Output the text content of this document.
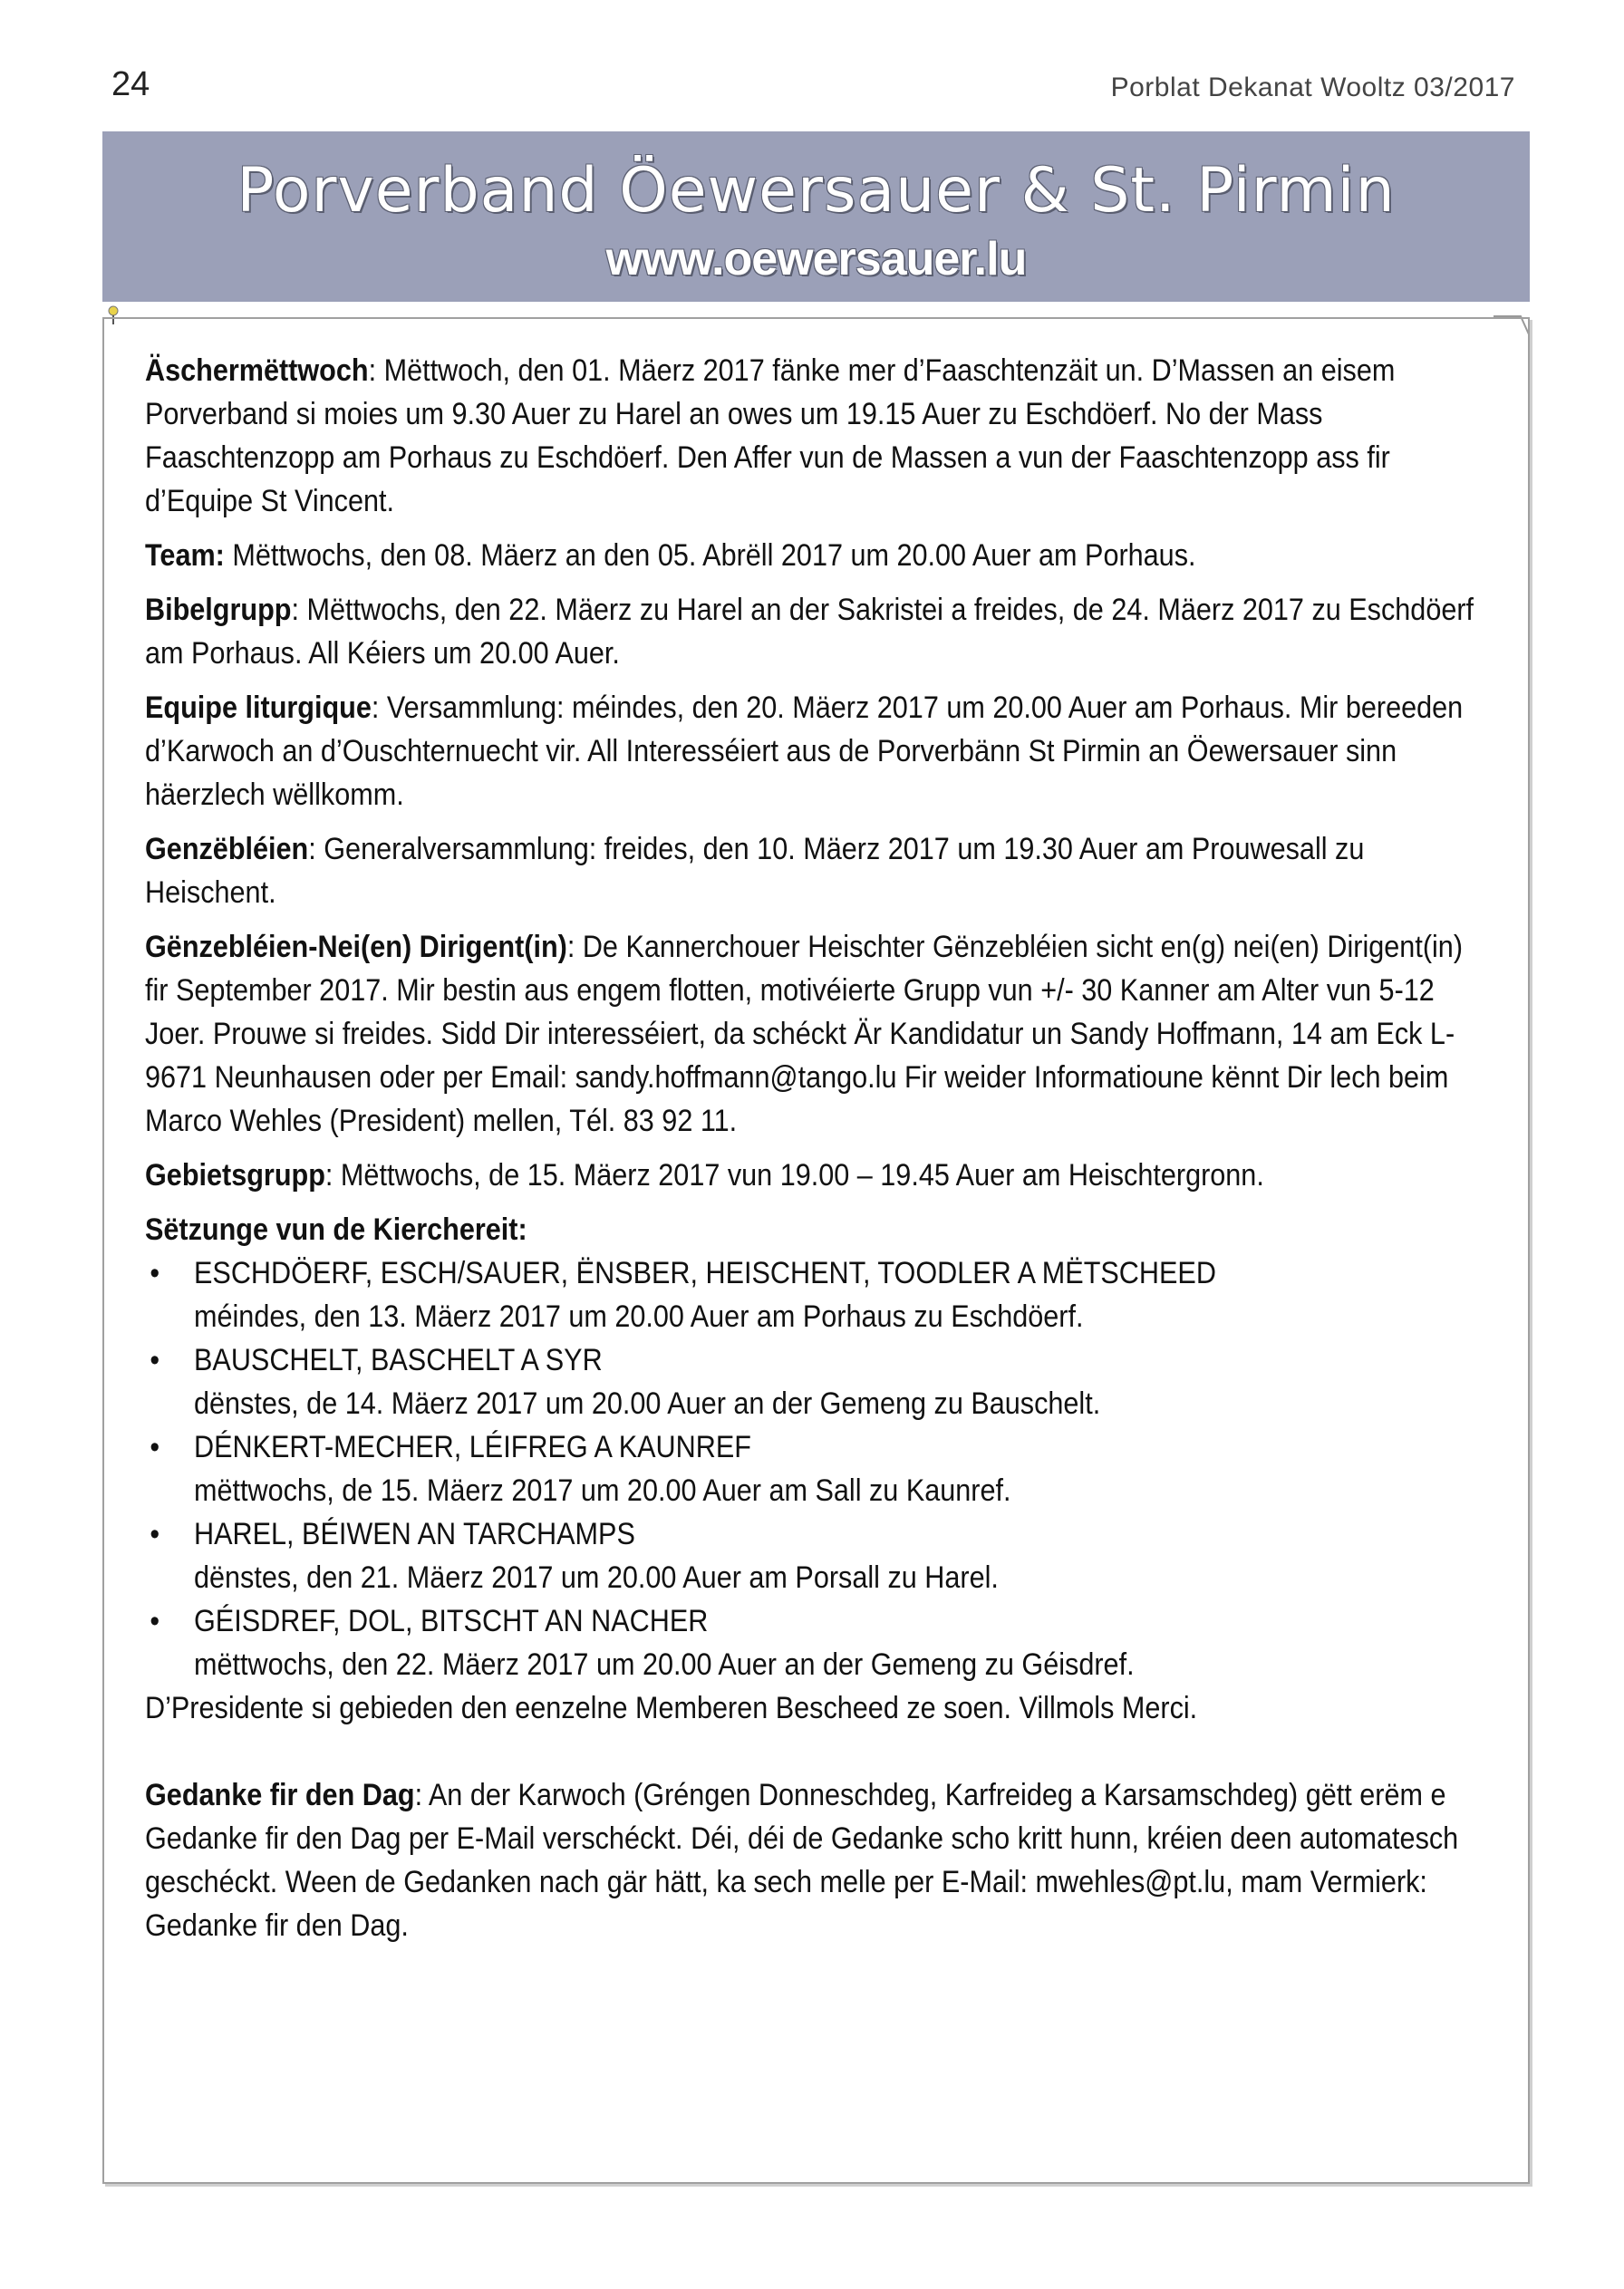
24	Porblat Dekanat Wooltz 03/2017
Porverband Öewersauer & St. Pirmin
www.oewersauer.lu

Äschermëttwoch: Mëttwoch, den 01. Mäerz 2017 fänke mer d’Faaschtenzäit un. D’Massen an eisem Porverband si moies um 9.30 Auer zu Harel an owes um 19.15 Auer zu Eschdöerf. No der Mass Faaschtenzopp am Porhaus zu Eschdöerf. Den Affer vun de Massen a vun der Faaschtenzopp ass fir d’Equipe St Vincent.

Team: Mëttwochs, den 08. Mäerz an den 05. Abrëll 2017 um 20.00 Auer am Porhaus.

Bibelgrupp: Mëttwochs, den 22. Mäerz zu Harel an der Sakristei a freides, de 24. Mäerz 2017 zu Eschdöerf am Porhaus. All Kéiers um 20.00 Auer.

Equipe liturgique: Versammlung: méindes, den 20. Mäerz 2017 um 20.00 Auer am Porhaus. Mir bereeden d’Karwoch an d’Ouschternuecht vir. All Interesséiert aus de Porverbänn St Pirmin an Öewersauer sinn häerzlech wëllkomm.

Genzëbléien: Generalversammlung: freides, den 10. Mäerz 2017 um 19.30 Auer am Prouwesall zu Heischent.

Gënzebléien-Nei(en) Dirigent(in): De Kannerchouer Heischter Gënzebléien sicht en(g) nei(en) Dirigent(in) fir September 2017. Mir bestin aus engem flotten, motivéierte Grupp vun +/- 30 Kanner am Alter vun 5-12 Joer. Prouwe si freides. Sidd Dir interesséiert, da schéckt Är Kandidatur un Sandy Hoffmann, 14 am Eck L-9671 Neunhausen oder per Email: sandy.hoffmann@tango.lu Fir weider Informatioune kënnt Dir lech beim Marco Wehles (President) mellen, Tél. 83 92 11.

Gebietsgrupp: Mëttwochs, de 15. Mäerz 2017 vun 19.00 – 19.45 Auer am Heischtergronn.

Sëtzunge vun de Kierchereit:

• ESCHDÖERF, ESCH/SAUER, ËNSBER, HEISCHENT, TOODLER A MËTSCHEED
méindes, den 13. Mäerz 2017 um 20.00 Auer am Porhaus zu Eschdöerf.
• BAUSCHELT, BASCHELT A SYR
dënstes, de 14. Mäerz 2017 um 20.00 Auer an der Gemeng zu Bauschelt.
• DÉNKERT-MECHER, LÉIFREG A KAUNREF
mëttwochs, de 15. Mäerz 2017 um 20.00 Auer am Sall zu Kaunref.
• HAREL, BÉIWEN AN TARCHAMPS
dënstes, den 21. Mäerz 2017 um 20.00 Auer am Porsall zu Harel.
• GÉISDREF, DOL, BITSCHT AN NACHER
mëttwochs, den 22. Mäerz 2017 um 20.00 Auer an der Gemeng zu Géisdref.

D’Presidente si gebieden den eenzelne Memberen Bescheed ze soen. Villmols Merci.

Gedanke fir den Dag: An der Karwoch (Gréngen Donneschdeg, Karfreideg a Karsamschdeg) gëtt erëm e Gedanke fir den Dag per E-Mail verschéckt. Déi, déi de Gedanke scho kritt hunn, kréien deen automatesch geschéckt. Ween de Gedanken nach gär hätt, ka sech melle per E-Mail: mwehles@pt.lu, mam Vermierk: Gedanke fir den Dag.
